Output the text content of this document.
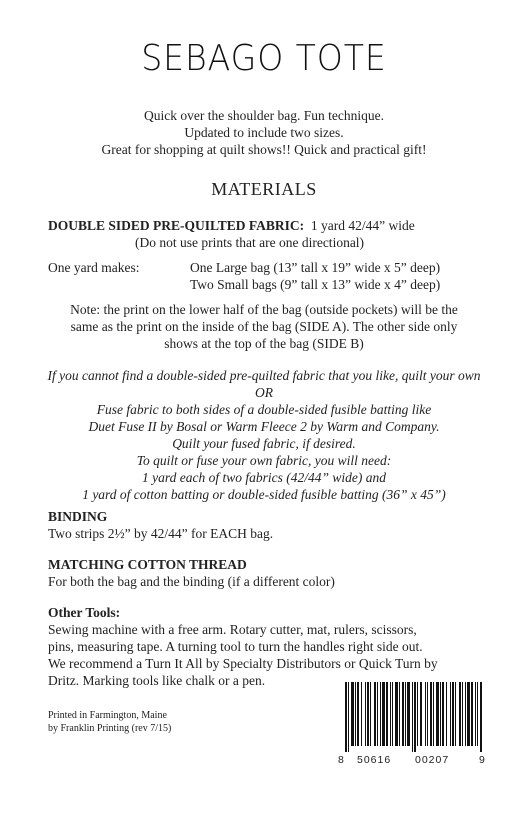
SEBAGO TOTE
Quick over the shoulder bag. Fun technique.
Updated to include two sizes.
Great for shopping at quilt shows!! Quick and practical gift!
MATERIALS
DOUBLE SIDED PRE-QUILTED FABRIC: 1 yard 42/44” wide
(Do not use prints that are one directional)
One yard makes:	One Large bag (13” tall x 19” wide x 5” deep)
Two Small bags (9” tall x 13” wide x 4” deep)
Note: the print on the lower half of the bag (outside pockets) will be the
same as the print on the inside of the bag (SIDE A). The other side only
shows at the top of the bag (SIDE B)
If you cannot find a double-sided pre-quilted fabric that you like, quilt your own
OR
Fuse fabric to both sides of a double-sided fusible batting like
Duet Fuse II by Bosal or Warm Fleece 2 by Warm and Company.
Quilt your fused fabric, if desired.
To quilt or fuse your own fabric, you will need:
1 yard each of two fabrics (42/44” wide) and
1 yard of cotton batting or double-sided fusible batting (36” x 45”)
BINDING
Two strips 2½” by 42/44” for EACH bag.
MATCHING COTTON THREAD
For both the bag and the binding (if a different color)
Other Tools:
Sewing machine with a free arm. Rotary cutter, mat, rulers, scissors,
pins, measuring tape. A turning tool to turn the handles right side out.
We recommend a Turn It All by Specialty Distributors or Quick Turn by
Dritz. Marking tools like chalk or a pen.
Printed in Farmington, Maine
by Franklin Printing (rev 7/15)
8 50616 00207	9
